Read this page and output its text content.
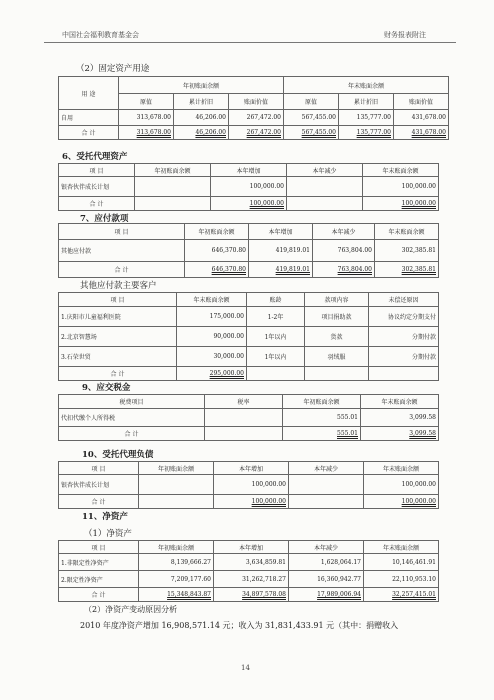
中国社会福利教育基金会	财务报表附注
（2）固定资产用途
用 途	年初账面余额			年末账面余额		
	原值	累计折旧	账面价值	原值	累计折旧	账面价值
自用	313,678.00	46,206.00	267,472.00	567,455.00	135,777.00	431,678.00
合 计	313,678.00	46,206.00	267,472.00	567,455.00	135,777.00	431,678.00
6、受托代理资产
项 目	年初账面余额	本年增加	本年减少	年末账面余额
银杏伙伴成长计划		100,000.00		100,000.00
合 计		100,000.00		100,000.00
7、应付款项
项 目	年初账面余额	本年增加	本年减少	年末账面余额
其他应付款	646,370.80	419,819.01	763,804.00	302,385.81
合 计	646,370.80	419,819.01	763,804.00	302,385.81
其他应付款主要客户
项 目	年末账面余额	账龄	款项内容	未偿还原因
1.庆阳市儿童福利医院	175,000.00	1-2年	项目捐助款	协议约定分期支付
2.北京智慧场	90,000.00	1年以内	货款	分期付款
3.石荣世贸	30,000.00	1年以内	羽绒服	分期付款
合 计	295,000.00			
9、应交税金
税费项目	税率	年初账面余额	年末账面余额
代扣代缴个人所得税		555.01	3,099.58
合 计		555.01	3,099.58
10、受托代理负债
项 目	年初账面余额	本年增加	本年减少	年末账面余额
银杏伙伴成长计划		100,000.00		100,000.00
合 计		100,000.00		100,000.00
11、净资产
（1）净资产
项 目	年初账面余额	本年增加	本年减少	年末账面余额
1.非限定性净资产	8,139,666.27	3,634,859.81	1,628,064.17	10,146,461.91
2.限定性净资产	7,209,177.60	31,262,718.27	16,360,942.77	22,110,953.10
合 计	15,348,843.87	34,897,578.08	17,989,006.94	32,257,415.01
（2）净资产变动原因分析
2010 年度净资产增加 16,908,571.14 元；收入为 31,831,433.91 元（其中：捐赠收入
14
